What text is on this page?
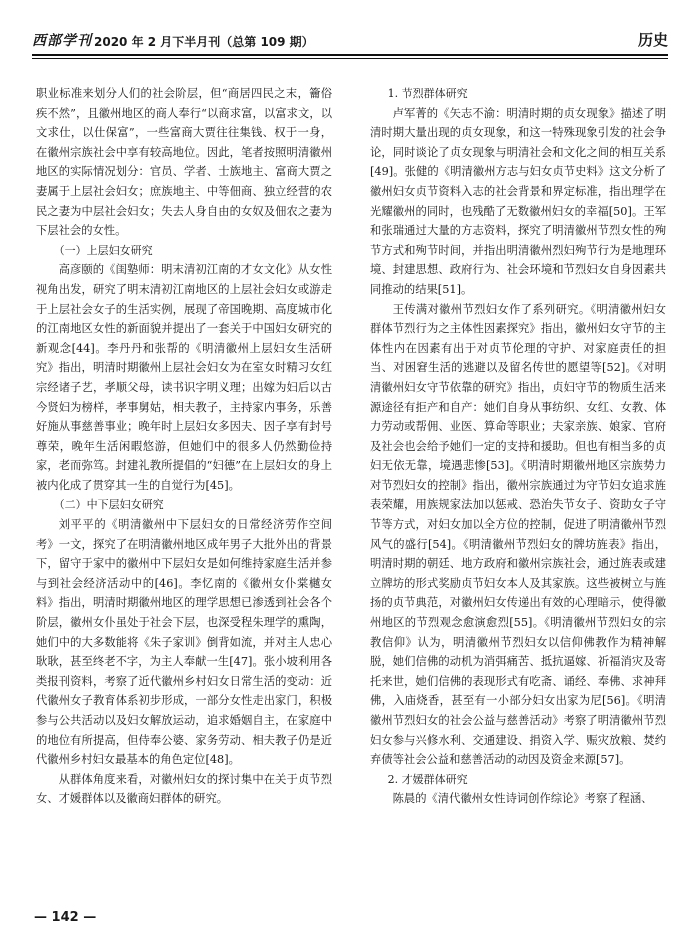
西部学刊 2020 年 2 月下半月刊（总第 109 期）	历史

职业标准来划分人们的社会阶层，但“商居四民之末，籥俗疾不然”，且徽州地区的商人奉行“以商求富，以富求文，以文求仕，以仕保富”，一些富商大贾往往集钱、权于一身，在徽州宗族社会中享有较高地位。因此，笔者按照明清徽州地区的实际情况划分：官员、学者、士族地主、富商大贾之妻属于上层社会妇女；庶族地主、中等佃商、独立经营的农民之妻为中层社会妇女；失去人身自由的女奴及佃农之妻为下层社会的女性。

（一）上层妇女研究

高彦颐的《闺塾师：明末清初江南的才女文化》从女性视角出发，研究了明末清初江南地区的上层社会妇女或游走于上层社会女子的生活实例，展现了帝国晚期、高度城市化的江南地区女性的新面貌并提出了一套关于中国妇女研究的新观念[44]。李丹丹和张帮的《明清徽州上层妇女生活研究》指出，明清时期徽州上层社会妇女为在室女时精习女红宗经诸子艺，孝顺父母，读书识字明义理；出嫁为妇后以古今贤妇为榜样，孝事舅姑，相夫教子，主持家内事务，乐善好施从事慈善事业；晚年时上层妇女多因夫、因子享有封号尊荣，晚年生活闲暇悠游，但她们中的很多人仍然勤俭持家，老而弥笃。封建礼教所提倡的“妇德”在上层妇女的身上被内化成了贯穿其一生的自觉行为[45]。

（二）中下层妇女研究

刘平平的《明清徽州中下层妇女的日常经济劳作空间考》一文，探究了在明清徽州地区成年男子大批外出的背景下，留守于家中的徽州中下层妇女是如何维持家庭生活并参与到社会经济活动中的[46]。李忆南的《徽州女仆棠樾女料》指出，明清时期徽州地区的理学思想已渗透到社会各个阶层，徽州女仆虽处于社会下层，也深受程朱理学的熏陶，她们中的大多数能将《朱子家训》倒背如流，并对主人忠心耿耿，甚至终老不字，为主人奉献一生[47]。张小坡利用各类报刊资料，考察了近代徽州乡村妇女日常生活的变动：近代徽州女子教育体系初步形成，一部分女性走出家门，积极参与公共活动以及妇女解放运动，追求婚姻自主，在家庭中的地位有所提高，但侍奉公婆、家务劳动、相夫教子仍是近代徽州乡村妇女最基本的角色定位[48]。

从群体角度来看，对徽州妇女的探讨集中在关于贞节烈女、才媛群体以及徽商妇群体的研究。

1. 节烈群体研究

卢军菁的《矢志不渝：明清时期的贞女现象》描述了明清时期大量出现的贞女现象，和这一特殊现象引发的社会争论，同时谈论了贞女现象与明清社会和文化之间的相互关系[49]。张健的《明清徽州方志与妇女贞节史料》这文分析了徽州妇女贞节资料入志的社会背景和界定标准，指出理学在光耀徽州的同时，也残酷了无数徽州妇女的幸福[50]。王军和张瑞通过大量的方志资料，探究了明清徽州节烈女性的殉节方式和殉节时间，并指出明清徽州烈妇殉节行为是地理环境、封建思想、政府行为、社会环境和节烈妇女自身因素共同推动的结果[51]。

王传满对徽州节烈妇女作了系列研究。《明清徽州妇女群体节烈行为之主体性因素探究》指出，徽州妇女守节的主体性内在因素有出于对贞节伦理的守护、对家庭责任的担当、对困窘生活的逃避以及留名传世的愿望等[52]。《对明清徽州妇女守节依靠的研究》指出，贞妇守节的物质生活来源途径有拒产和自产：她们自身从事纺织、女红、女教、体力劳动或帮佣、业医、算命等职业；夫家亲族、娘家、官府及社会也会给予她们一定的支持和援助。但也有相当多的贞妇无依无靠，境遇悲惨[53]。《明清时期徽州地区宗族势力对节烈妇女的控制》指出，徽州宗族通过为守节妇女追求旌表荣耀，用族规家法加以惩戒、恐治失节女子、资助女子守节等方式，对妇女加以全方位的控制，促进了明清徽州节烈风气的盛行[54]。《明清徽州节烈妇女的牌坊旌表》指出，明清时期的朝廷、地方政府和徽州宗族社会，通过旌表或建立牌坊的形式奖励贞节妇女本人及其家族。这些被树立与旌扬的贞节典范，对徽州妇女传递出有效的心理暗示，使得徽州地区的节烈观念愈演愈烈[55]。《明清徽州节烈妇女的宗教信仰》认为，明清徽州节烈妇女以信仰佛教作为精神解脱，她们信佛的动机为消弭痛苦、抵抗逼嫁、祈福消灾及寄托来世，她们信佛的表现形式有吃斋、诵经、奉佛、求神拜佛，入庙烧香，甚至有一小部分妇女出家为尼[56]。《明清徽州节烈妇女的社会公益与慈善活动》考察了明清徽州节烈妇女参与兴修水利、交通建设、捐资入学、赈灾放粮、焚约弃债等社会公益和慈善活动的动因及资金来源[57]。

2. 才媛群体研究

陈晨的《清代徽州女性诗词创作综论》考察了程涵、

— 142 —
